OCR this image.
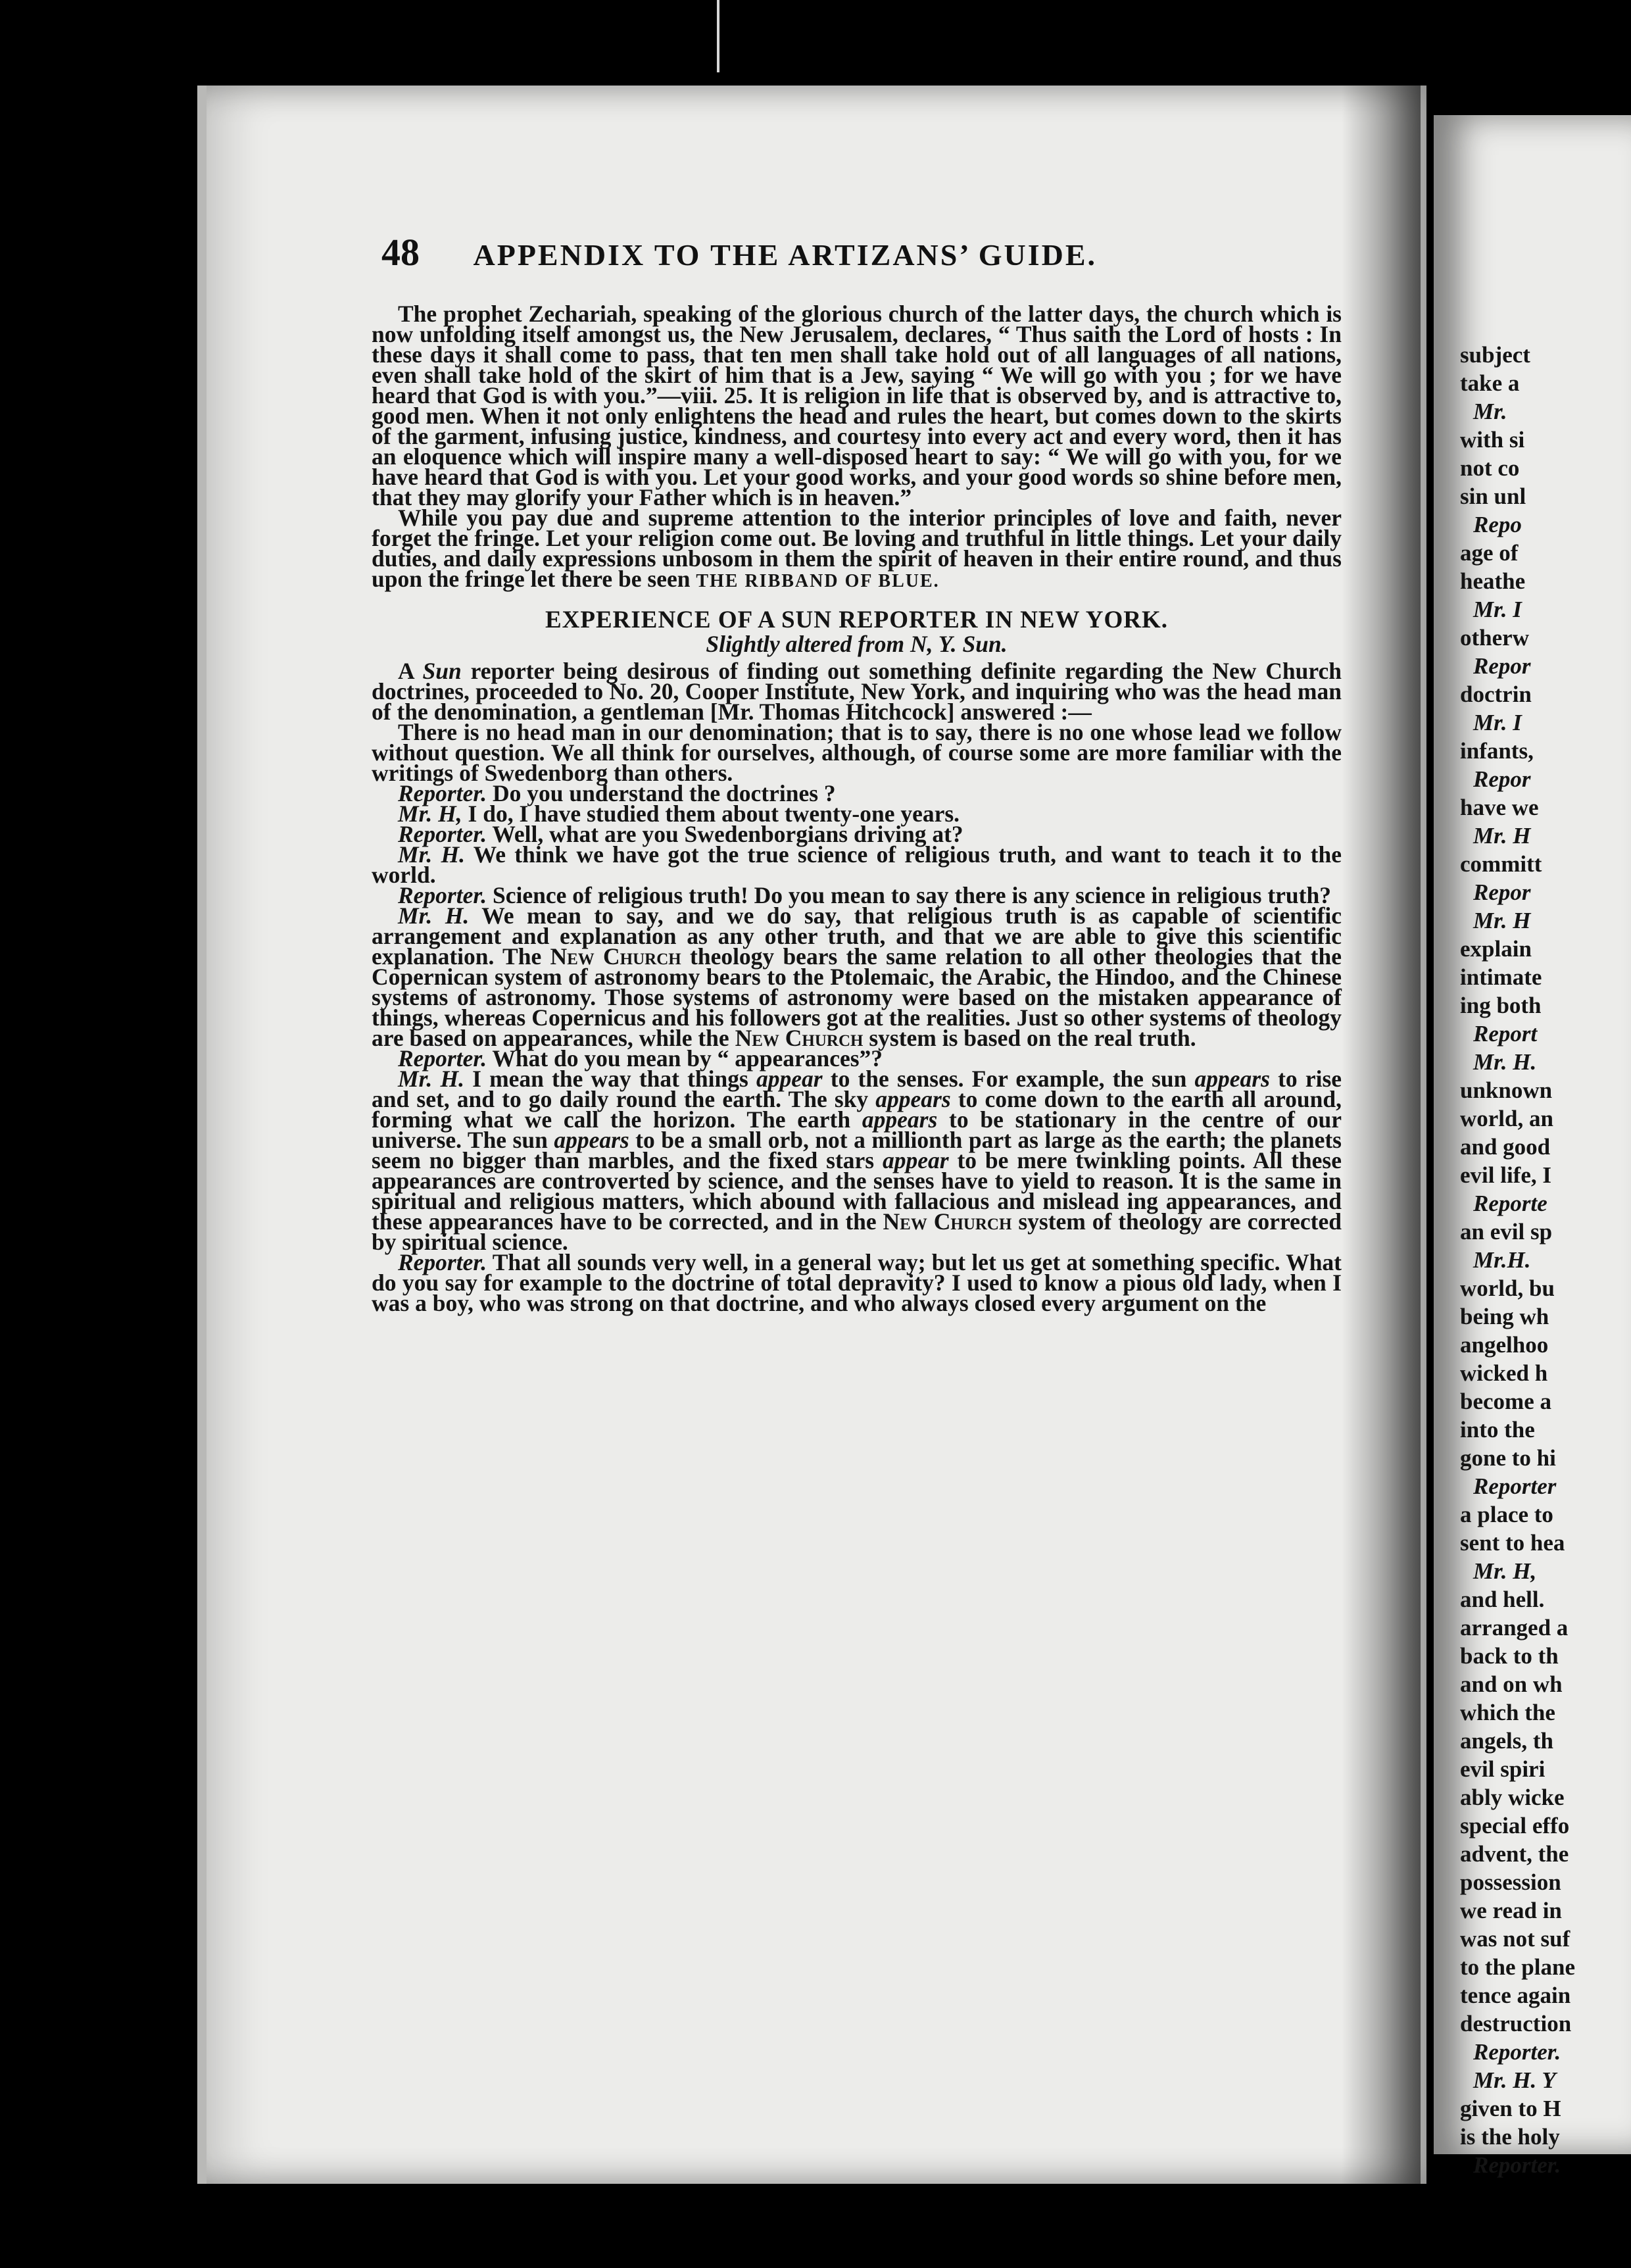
48 APPENDIX TO THE ARTIZANS’ GUIDE.

The prophet Zechariah, speaking of the glorious church of the latter days, the church which is now unfolding itself amongst us, the New Jerusalem, declares, “ Thus saith the Lord of hosts : In these days it shall come to pass, that ten men shall take hold out of all languages of all nations, even shall take hold of the skirt of him that is a Jew, saying “ We will go with you ; for we have heard that God is with you.”—viii. 25. It is religion in life that is observed by, and is attractive to, good men. When it not only enlightens the head and rules the heart, but comes down to the skirts of the garment, infusing justice, kindness, and courtesy into every act and every word, then it has an eloquence which will inspire many a well-disposed heart to say: “ We will go with you, for we have heard that God is with you. Let your good works, and your good words so shine before men, that they may glorify your Father which is in heaven.”

While you pay due and supreme attention to the interior principles of love and faith, never forget the fringe. Let your religion come out. Be loving and truthful in little things. Let your daily duties, and daily expressions unbosom in them the spirit of heaven in their entire round, and thus upon the fringe let there be seen THE RIBBAND OF BLUE.

EXPERIENCE OF A SUN REPORTER IN NEW YORK.

Slightly altered from N, Y. Sun.

A Sun reporter being desirous of finding out something definite regarding the New Church doctrines, proceeded to No. 20, Cooper Institute, New York, and inquiring who was the head man of the denomination, a gentleman [Mr. Thomas Hitchcock] answered :—

There is no head man in our denomination; that is to say, there is no one whose lead we follow without question. We all think for ourselves, although, of course some are more familiar with the writings of Swedenborg than others.

Reporter. Do you understand the doctrines ?

Mr. H, I do, I have studied them about twenty-one years.

Reporter. Well, what are you Swedenborgians driving at?

Mr. H. We think we have got the true science of religious truth, and want to teach it to the world.

Reporter. Science of religious truth! Do you mean to say there is any science in religious truth?

Mr. H. We mean to say, and we do say, that religious truth is as capable of scientific arrangement and explanation as any other truth, and that we are able to give this scientific explanation. The New Church theology bears the same relation to all other theologies that the Copernican system of astronomy bears to the Ptolemaic, the Arabic, the Hindoo, and the Chinese systems of astronomy. Those systems of astronomy were based on the mistaken appearance of things, whereas Copernicus and his followers got at the realities. Just so other systems of theology are based on appearances, while the New Church system is based on the real truth.

Reporter. What do you mean by “ appearances”?

Mr. H. I mean the way that things appear to the senses. For example, the sun appears to rise and set, and to go daily round the earth. The sky appears to come down to the earth all around, forming what we call the horizon. The earth appears to be stationary in the centre of our universe. The sun appears to be a small orb, not a millionth part as large as the earth; the planets seem no bigger than marbles, and the fixed stars appear to be mere twinkling points. All these appearances are controverted by science, and the senses have to yield to reason. It is the same in spiritual and religious matters, which abound with fallacious and mislead ing appearances, and these appearances have to be corrected, and in the New Church system of theology are corrected by spiritual science.

Reporter. That all sounds very well, in a general way; but let us get at something specific. What do you say for example to the doctrine of total depravity? I used to know a pious old lady, when I was a boy, who was strong on that doctrine, and who always closed every argument on the

subject
take a
Mr.
with si
not co
sin unl
Repo
age of
heathe
Mr. I
otherw
Repor
doctrin
Mr. I
infants,
Repor
have we
Mr. H
committ
Repor
Mr. H
explain
intimate
ing both
Report
Mr. H.
unknown
world, an
and good
evil life, I
Reporte
an evil sp
Mr.H.
world, bu
being wh
angelhoo
wicked h
become a
into the
gone to hi
Reporter
a place to
sent to hea
Mr. H,
and hell.
arranged a
back to th
and on wh
which the
angels, th
evil spiri
ably wicke
special effo
advent, the
possession
we read in
was not suf
to the plane
tence again
destruction
Reporter.
Mr. H. Y
given to H
is the holy
Reporter.
